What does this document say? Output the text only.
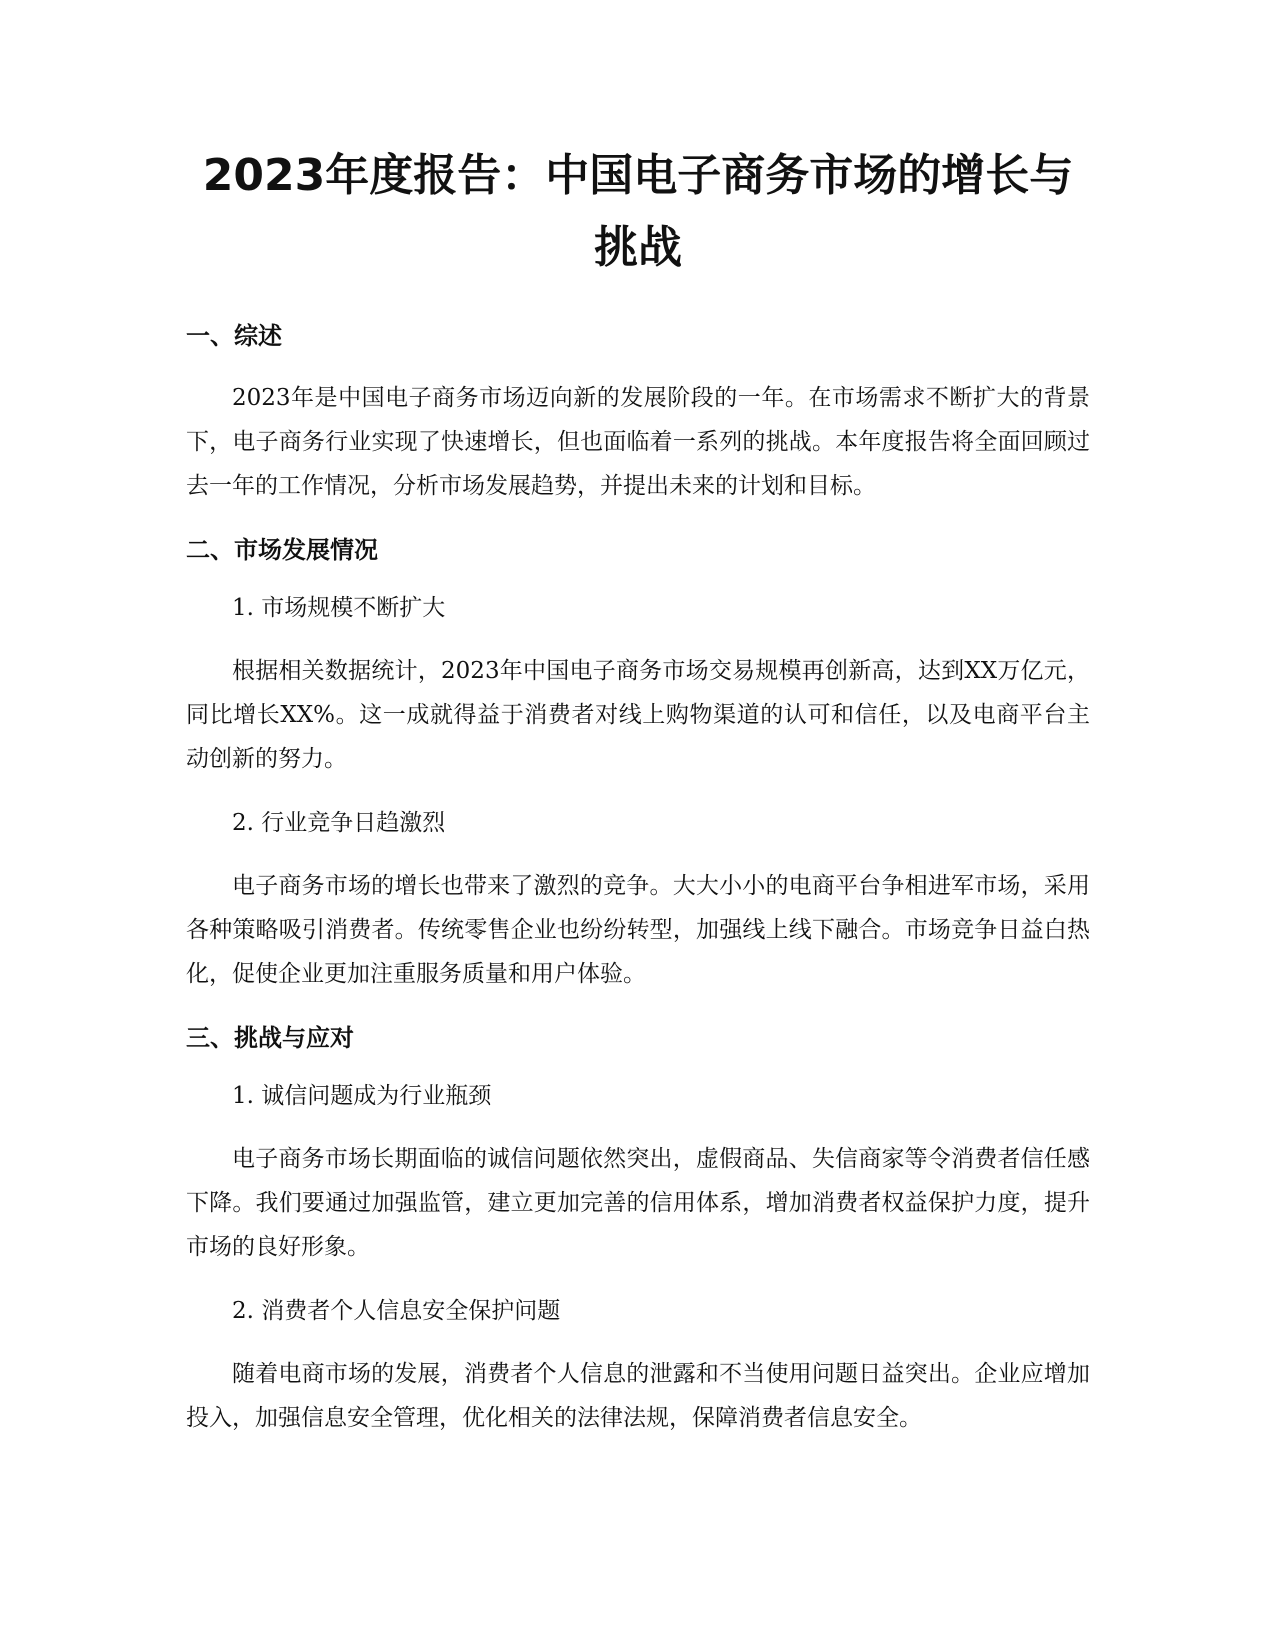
2023年度报告：中国电子商务市场的增长与挑战
一、综述

2023年是中国电子商务市场迈向新的发展阶段的一年。在市场需求不断扩大的背景下，电子商务行业实现了快速增长，但也面临着一系列的挑战。本年度报告将全面回顾过去一年的工作情况，分析市场发展趋势，并提出未来的计划和目标。

二、市场发展情况

1. 市场规模不断扩大

根据相关数据统计，2023年中国电子商务市场交易规模再创新高，达到XX万亿元，同比增长XX%。这一成就得益于消费者对线上购物渠道的认可和信任，以及电商平台主动创新的努力。

2. 行业竞争日趋激烈

电子商务市场的增长也带来了激烈的竞争。大大小小的电商平台争相进军市场，采用各种策略吸引消费者。传统零售企业也纷纷转型，加强线上线下融合。市场竞争日益白热化，促使企业更加注重服务质量和用户体验。

三、挑战与应对

1. 诚信问题成为行业瓶颈

电子商务市场长期面临的诚信问题依然突出，虚假商品、失信商家等令消费者信任感下降。我们要通过加强监管，建立更加完善的信用体系，增加消费者权益保护力度，提升市场的良好形象。

2. 消费者个人信息安全保护问题

随着电商市场的发展，消费者个人信息的泄露和不当使用问题日益突出。企业应增加投入，加强信息安全管理，优化相关的法律法规，保障消费者信息安全。
